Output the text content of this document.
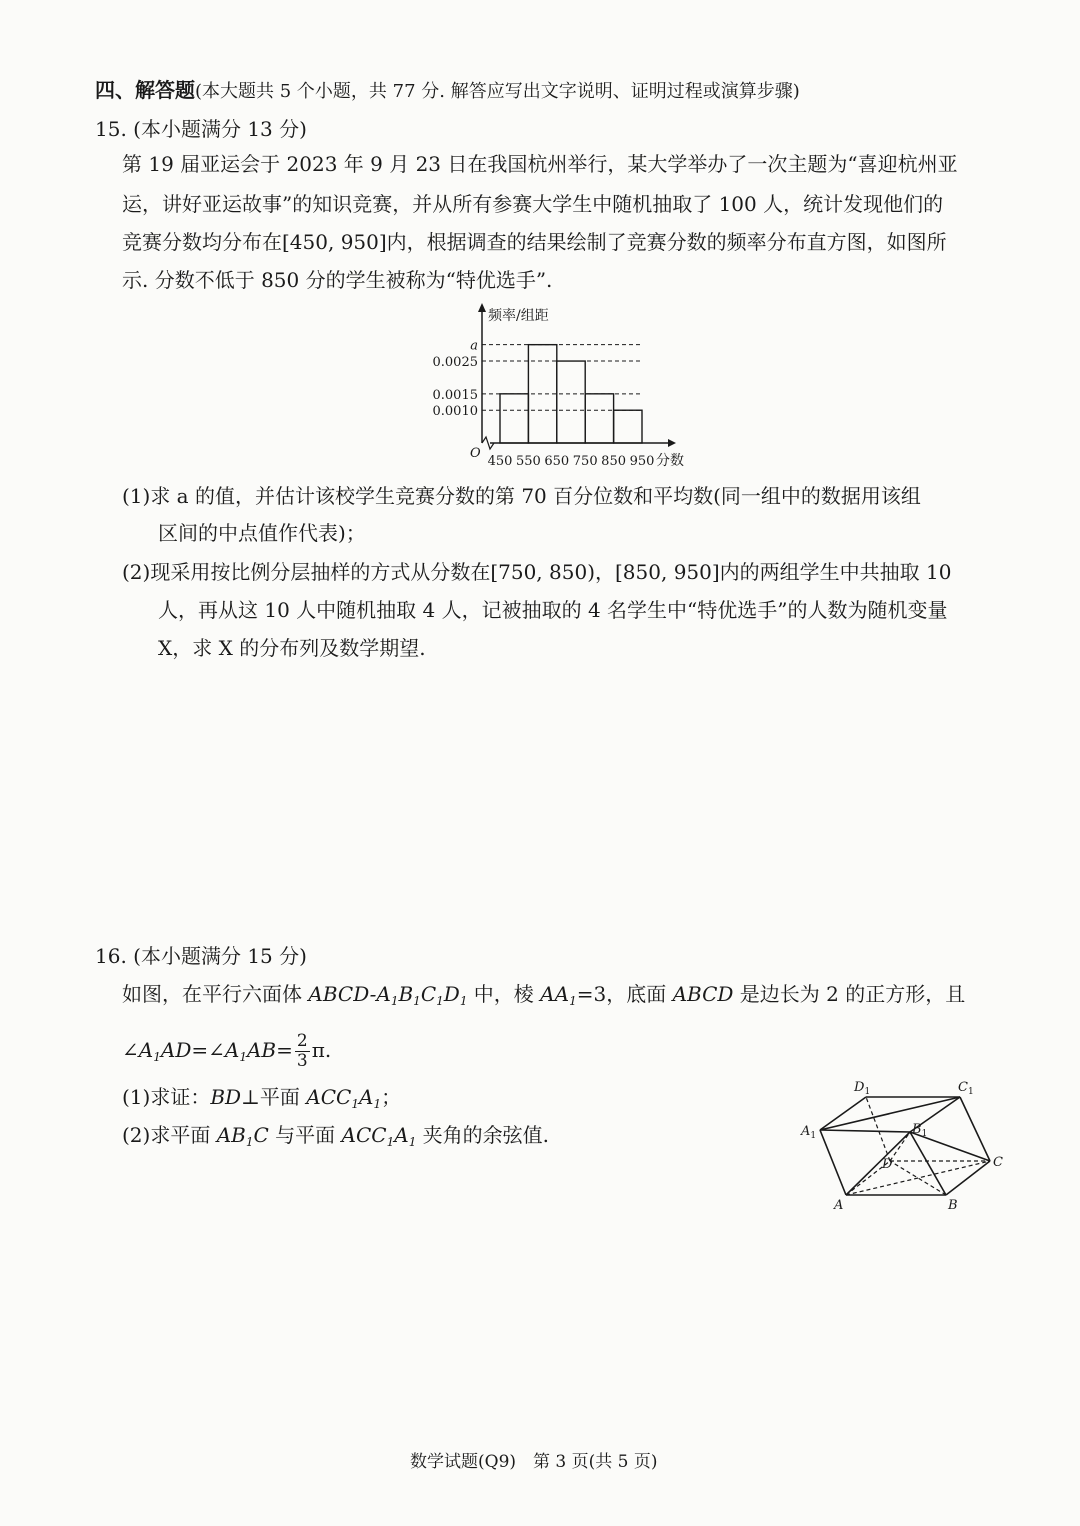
四、解答题(本大题共 5 个小题，共 77 分. 解答应写出文字说明、证明过程或演算步骤)
15. (本小题满分 13 分)
第 19 届亚运会于 2023 年 9 月 23 日在我国杭州举行，某大学举办了一次主题为“喜迎杭州亚
运，讲好亚运故事”的知识竞赛，并从所有参赛大学生中随机抽取了 100 人，统计发现他们的
竞赛分数均分布在[450, 950]内，根据调查的结果绘制了竞赛分数的频率分布直方图，如图所
示. 分数不低于 850 分的学生被称为“特优选手”.
0.0010
0.0015
0.0025
a
450 550 650 750 850 950 分数
频率/组距
O
(1)求 a 的值，并估计该校学生竞赛分数的第 70 百分位数和平均数(同一组中的数据用该组
区间的中点值作代表)；
(2)现采用按比例分层抽样的方式从分数在[750, 850)，[850, 950]内的两组学生中共抽取 10
人，再从这 10 人中随机抽取 4 人，记被抽取的 4 名学生中“特优选手”的人数为随机变量
X，求 X 的分布列及数学期望.
16. (本小题满分 15 分)
如图，在平行六面体 ABCD-$A_1B_1C_1D_1$ 中，棱 $AA_1=3$，底面 ABCD 是边长为 2 的正方形，且
$\angle A_1AD=\angle A_1AB= \frac{2}{3} \pi$.
(1)求证：BD⊥平面 $ACC_1A_1$；
(2)求平面 $AB_1C$ 与平面 $ACC_1A_1$ 夹角的余弦值.
A	B
C
D
$A_1$	$B_1$
$C_1$
$D_1$
数学试题(Q9)　第 3 页(共 5 页)
